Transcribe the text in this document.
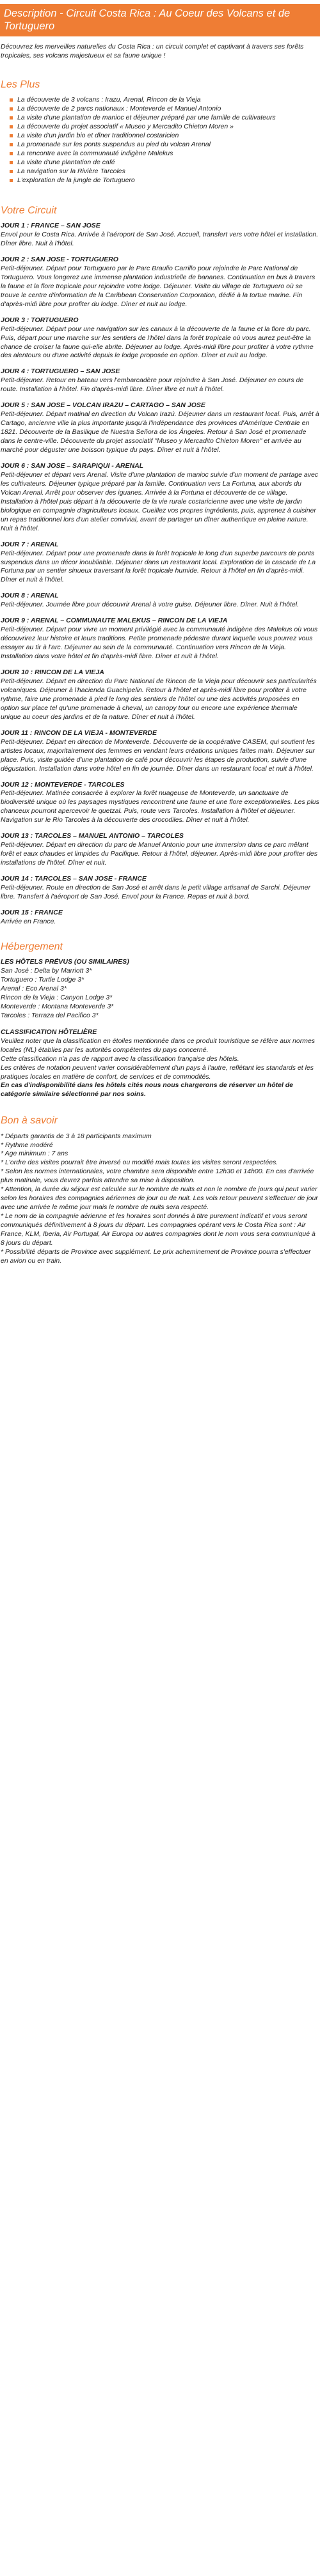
Description - Circuit Costa Rica : Au Coeur des Volcans et de Tortuguero

Découvrez les merveilles naturelles du Costa Rica : un circuit complet et captivant à travers ses forêts tropicales, ses volcans majestueux et sa faune unique !

Les Plus
La découverte de 3 volcans : Irazu, Arenal, Rincon de la Vieja
La découverte de 2 parcs nationaux : Monteverde et Manuel Antonio
La visite d'une plantation de manioc et déjeuner préparé par une famille de cultivateurs
La découverte du projet associatif « Museo y Mercadito Chieton Moren »
La visite d'un jardin bio et dîner traditionnel costaricien
La promenade sur les ponts suspendus au pied du volcan Arenal
La rencontre avec la communauté indigène Malekus
La visite d'une plantation de café
La navigation sur la Rivière Tarcoles
L'exploration de la jungle de Tortuguero
Votre Circuit
JOUR 1 : FRANCE – SAN JOSE
Envol pour le Costa Rica. Arrivée à l'aéroport de San José. Accueil, transfert vers votre hôtel et installation. Dîner libre. Nuit à l'hôtel.
JOUR 2 : SAN JOSE - TORTUGUERO
Petit-déjeuner. Départ pour Tortuguero par le Parc Braulio Carrillo pour rejoindre le Parc National de Tortuguero. Vous longerez une immense plantation industrielle de bananes. Continuation en bus à travers la faune et la flore tropicale pour rejoindre votre lodge. Déjeuner. Visite du village de Tortuguero où se trouve le centre d'information de la Caribbean Conservation Corporation, dédié à la tortue marine. Fin d'après-midi libre pour profiter du lodge. Dîner et nuit au lodge.
JOUR 3 : TORTUGUERO
Petit-déjeuner. Départ pour une navigation sur les canaux à la découverte de la faune et la flore du parc. Puis, départ pour une marche sur les sentiers de l'hôtel dans la forêt tropicale où vous aurez peut-être la chance de croiser la faune qui-elle abrite. Déjeuner au lodge. Après-midi libre pour profiter à votre rythme des alentours ou d'une activité depuis le lodge proposée en option. Dîner et nuit au lodge.
JOUR 4 : TORTUGUERO – SAN JOSE
Petit-déjeuner. Retour en bateau vers l'embarcadère pour rejoindre à San José. Déjeuner en cours de route. Installation à l'hôtel. Fin d'après-midi libre. Dîner libre et nuit à l'hôtel.
JOUR 5 : SAN JOSE – VOLCAN IRAZU – CARTAGO – SAN JOSE
Petit-déjeuner. Départ matinal en direction du Volcan Irazú. Déjeuner dans un restaurant local. Puis, arrêt à Cartago, ancienne ville la plus importante jusqu'à l'indépendance des provinces d'Amérique Centrale en 1821. Découverte de la Basilique de Nuestra Señora de los Ángeles. Retour à San José et promenade dans le centre-ville. Découverte du projet associatif "Museo y Mercadito Chieton Moren" et arrivée au marché pour déguster une boisson typique du pays. Dîner et nuit à l'hôtel.
JOUR 6 : SAN JOSE – SARAPIQUI - ARENAL
Petit-déjeuner et départ vers Arenal. Visite d'une plantation de manioc suivie d'un moment de partage avec les cultivateurs. Déjeuner typique préparé par la famille. Continuation vers La Fortuna, aux abords du Volcan Arenal. Arrêt pour observer des iguanes. Arrivée à la Fortuna et découverte de ce village. Installation à l'hôtel puis départ à la découverte de la vie rurale costaricienne avec une visite de jardin biologique en compagnie d'agriculteurs locaux. Cueillez vos propres ingrédients, puis, apprenez à cuisiner un repas traditionnel lors d'un atelier convivial, avant de partager un dîner authentique en pleine nature. Nuit à l'hôtel.
JOUR 7 : ARENAL
Petit-déjeuner. Départ pour une promenade dans la forêt tropicale le long d'un superbe parcours de ponts suspendus dans un décor inoubliable. Déjeuner dans un restaurant local. Exploration de la cascade de La Fortuna par un sentier sinueux traversant la forêt tropicale humide. Retour à l'hôtel en fin d'après-midi. Dîner et nuit à l'hôtel.
JOUR 8 : ARENAL
Petit-déjeuner. Journée libre pour découvrir Arenal à votre guise. Déjeuner libre. Dîner. Nuit à l'hôtel.
JOUR 9 : ARENAL – COMMUNAUTE MALEKUS – RINCON DE LA VIEJA
Petit-déjeuner. Départ pour vivre un moment privilégié avec la communauté indigène des Malekus où vous découvrirez leur histoire et leurs traditions. Petite promenade pédestre durant laquelle vous pourrez vous essayer au tir à l'arc. Déjeuner au sein de la communauté. Continuation vers Rincon de la Vieja. Installation dans votre hôtel et fin d'après-midi libre. Dîner et nuit à l'hôtel.
JOUR 10 : RINCON DE LA VIEJA
Petit-déjeuner. Départ en direction du Parc National de Rincon de la Vieja pour découvrir ses particularités volcaniques. Déjeuner à l'hacienda Guachipelin. Retour à l'hôtel et après-midi libre pour profiter à votre rythme, faire une promenade à pied le long des sentiers de l'hôtel ou une des activités proposées en option sur place tel qu'une promenade à cheval, un canopy tour ou encore une expérience thermale unique au coeur des jardins et de la nature. Dîner et nuit à l'hôtel.
JOUR 11 : RINCON DE LA VIEJA - MONTEVERDE
Petit-déjeuner. Départ en direction de Monteverde. Découverte de la coopérative CASEM, qui soutient les artistes locaux, majoritairement des femmes en vendant leurs créations uniques faites main. Déjeuner sur place. Puis, visite guidée d'une plantation de café pour découvrir les étapes de production, suivie d'une dégustation. Installation dans votre hôtel en fin de journée. Dîner dans un restaurant local et nuit à l'hôtel.
JOUR 12 : MONTEVERDE - TARCOLES
Petit-déjeuner. Matinée consacrée à explorer la forêt nuageuse de Monteverde, un sanctuaire de biodiversité unique où les paysages mystiques rencontrent une faune et une flore exceptionnelles. Les plus chanceux pourront apercevoir le quetzal. Puis, route vers Tarcoles. Installation à l'hôtel et déjeuner. Navigation sur le Rio Tarcoles à la découverte des crocodiles. Dîner et nuit à l'hôtel.
JOUR 13 : TARCOLES – MANUEL ANTONIO – TARCOLES
Petit-déjeuner. Départ en direction du parc de Manuel Antonio pour une immersion dans ce parc mêlant forêt et eaux chaudes et limpides du Pacifique. Retour à l'hôtel, déjeuner. Après-midi libre pour profiter des installations de l'hôtel. Dîner et nuit.
JOUR 14 : TARCOLES – SAN JOSE - FRANCE
Petit-déjeuner. Route en direction de San José et arrêt dans le petit village artisanal de Sarchi. Déjeuner libre. Transfert à l'aéroport de San José. Envol pour la France. Repas et nuit à bord.
JOUR 15 : FRANCE
Arrivée en France.
Hébergement
LES HÔTELS PRÉVUS (OU SIMILAIRES)
San José : Delta by Marriott 3*
Tortuguero : Turtle Lodge 3*
Arenal : Eco Arenal 3*
Rincon de la Vieja : Canyon Lodge 3*
Monteverde : Montana Monteverde 3*
Tarcoles : Terraza del Pacifico 3*
CLASSIFICATION HÔTELIÈRE
Veuillez noter que la classification en étoiles mentionnée dans ce produit touristique se réfère aux normes locales (NL) établies par les autorités compétentes du pays concerné.
Cette classification n'a pas de rapport avec la classification française des hôtels.
Les critères de notation peuvent varier considérablement d'un pays à l'autre, reflétant les standards et les pratiques locales en matière de confort, de services et de commodités.
En cas d'indisponibilité dans les hôtels cités nous nous chargerons de réserver un hôtel de catégorie similaire sélectionné par nos soins.
Bon à savoir

* Départs garantis de 3 à 18 participants maximum

* Rythme modéré

* Age minimum : 7 ans

* L'ordre des visites pourrait être inversé ou modifié mais toutes les visites seront respectées.

* Selon les normes internationales, votre chambre sera disponible entre 12h30 et 14h00. En cas d'arrivée plus matinale, vous devrez parfois attendre sa mise à disposition.

* Attention, la durée du séjour est calculée sur le nombre de nuits et non le nombre de jours qui peut varier selon les horaires des compagnies aériennes de jour ou de nuit. Les vols retour peuvent s'effectuer de jour avec une arrivée le même jour mais le nombre de nuits sera respecté.

* Le nom de la compagnie aérienne et les horaires sont donnés à titre purement indicatif et vous seront communiqués définitivement à 8 jours du départ. Les compagnies opérant vers le Costa Rica sont : Air France, KLM, Iberia, Air Portugal, Air Europa ou autres compagnies dont le nom vous sera communiqué à 8 jours du départ.

* Possibilité départs de Province avec supplément. Le prix acheminement de Province pourra s'effectuer en avion ou en train.
